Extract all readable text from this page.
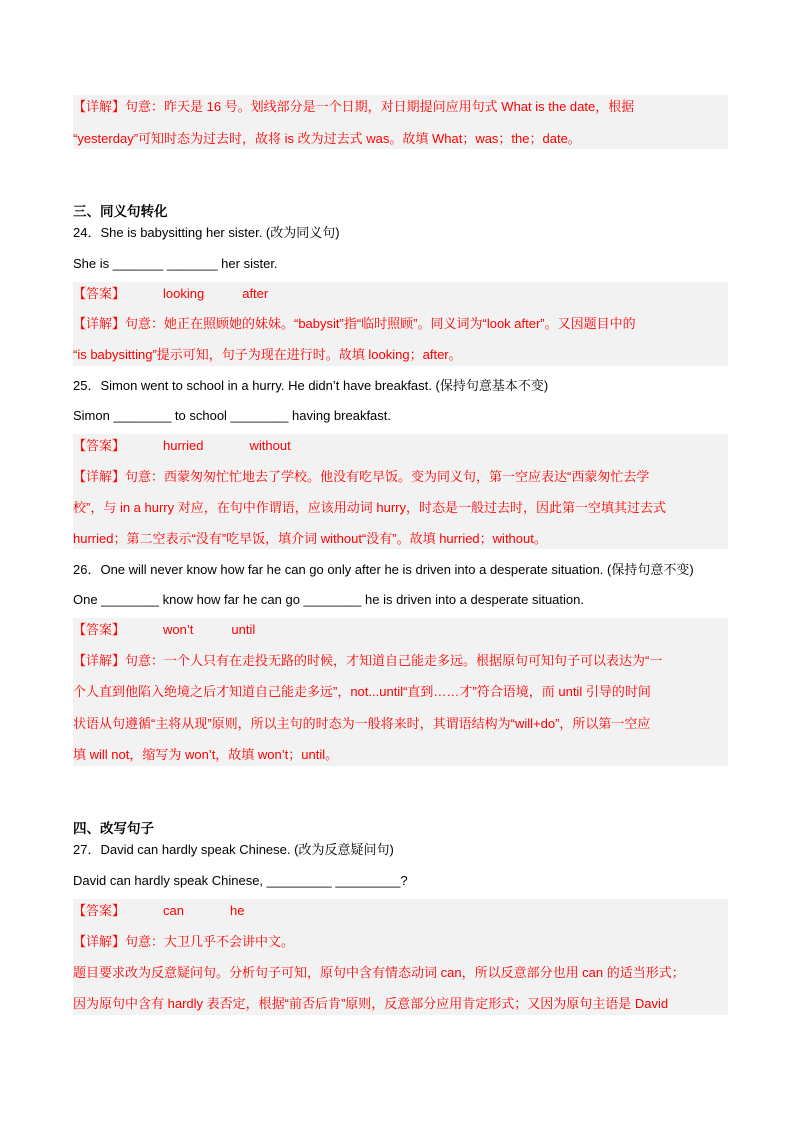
【详解】句意：昨天是 16 号。划线部分是一个日期，对日期提问应用句式 What is the date，根据
“yesterday”可知时态为过去时，故将 is 改为过去式 was。故填 What；was；the；date。
三、同义句转化
24．She is babysitting her sister. (改为同义句)
She is _______ _______ her sister.
【答案】	looking	after
【详解】句意：她正在照顾她的妹妹。“babysit”指“临时照顾”。同义词为“look after”。又因题目中的
“is babysitting”提示可知，句子为现在进行时。故填 looking；after。
25．Simon went to school in a hurry. He didn’t have breakfast. (保持句意基本不变)
Simon ________ to school ________ having breakfast.
【答案】	hurried	without
【详解】句意：西蒙匆匆忙忙地去了学校。他没有吃早饭。变为同义句，第一空应表达“西蒙匆忙去学
校”，与 in a hurry 对应，在句中作谓语，应该用动词 hurry，时态是一般过去时，因此第一空填其过去式
hurried；第二空表示“没有”吃早饭，填介词 without“没有”。故填 hurried；without。
26．One will never know how far he can go only after he is driven into a desperate situation. (保持句意不变)
One ________ know how far he can go ________ he is driven into a desperate situation.
【答案】	won’t	until
【详解】句意：一个人只有在走投无路的时候，才知道自己能走多远。根据原句可知句子可以表达为“一
个人直到他陷入绝境之后才知道自己能走多远”，not...until“直到……才”符合语境，而 until 引导的时间
状语从句遵循“主将从现”原则，所以主句的时态为一般将来时，其谓语结构为“will+do”，所以第一空应
填 will not，缩写为 won’t，故填 won’t；until。
四、改写句子
27．David can hardly speak Chinese. (改为反意疑问句)
David can hardly speak Chinese, _________ _________?
【答案】	can	he
【详解】句意：大卫几乎不会讲中文。
题目要求改为反意疑问句。分析句子可知，原句中含有情态动词 can，所以反意部分也用 can 的适当形式；
因为原句中含有 hardly 表否定，根据“前否后肯”原则，反意部分应用肯定形式；又因为原句主语是 David
